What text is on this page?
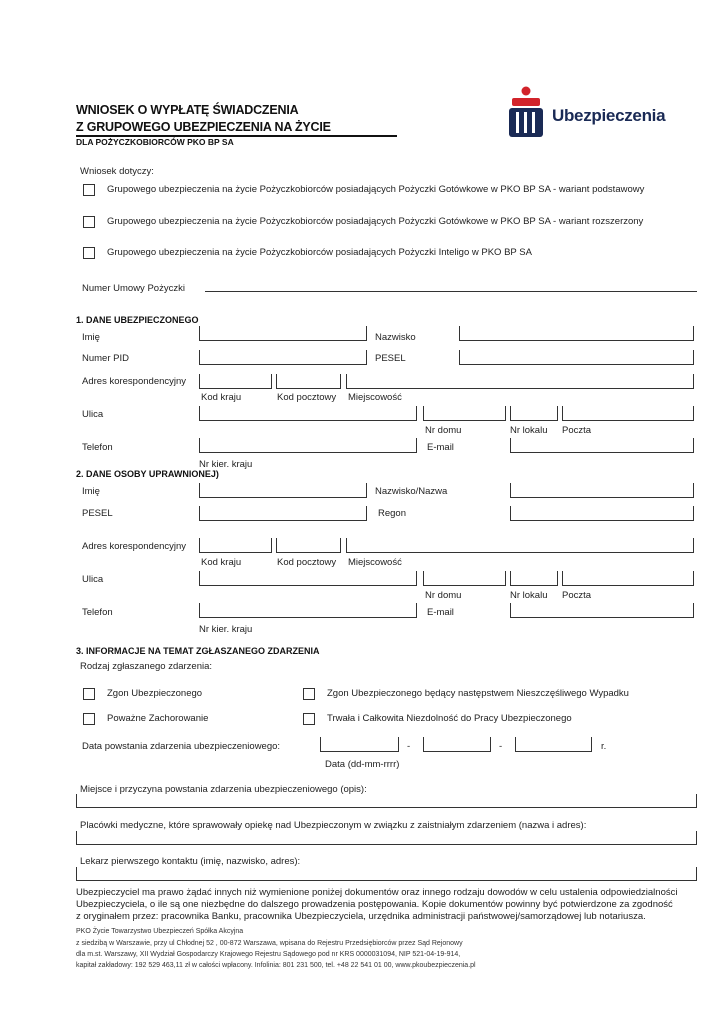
WNIOSEK O WYPŁATĘ ŚWIADCZENIA
Z GRUPOWEGO UBEZPIECZENIA NA ŻYCIE
DLA POŻYCZKOBIORCÓW PKO BP SA
Ubezpieczenia
Wniosek dotyczy:
Grupowego ubezpieczenia na życie Pożyczkobiorców posiadających Pożyczki Gotówkowe w PKO BP SA - wariant podstawowy
Grupowego ubezpieczenia na życie Pożyczkobiorców posiadających Pożyczki Gotówkowe w PKO BP SA - wariant rozszerzony
Grupowego ubezpieczenia na życie Pożyczkobiorców posiadających Pożyczki Inteligo w PKO BP SA
Numer Umowy Pożyczki
1. DANE UBEZPIECZONEGO
Imię	Nazwisko
Numer PID	PESEL
Adres korespondencyjny
Kod kraju	Kod pocztowy Miejscowość
Ulica
Nr domu	Nr lokalu Poczta
Telefon	E-mail
Nr kier. kraju
2. DANE OSOBY UPRAWNIONEJ)
Imię	Nazwisko/Nazwa
PESEL	Regon
Adres korespondencyjny
Kod kraju	Kod pocztowy Miejscowość
Ulica
Nr domu	Nr lokalu Poczta
Telefon	E-mail
Nr kier. kraju
3. INFORMACJE NA TEMAT ZGŁASZANEGO ZDARZENIA
Rodzaj zgłaszanego zdarzenia:
Zgon Ubezpieczonego	Zgon Ubezpieczonego będący następstwem Nieszczęśliwego Wypadku
Poważne Zachorowanie	Trwała i Całkowita Niezdolność do Pracy Ubezpieczonego
Data powstania zdarzenia ubezpieczeniowego:	-	-	r.
Data (dd-mm-rrrr)
Miejsce i przyczyna powstania zdarzenia ubezpieczeniowego (opis):
Placówki medyczne, które sprawowały opiekę nad Ubezpieczonym w związku z zaistniałym zdarzeniem (nazwa i adres):
Lekarz pierwszego kontaktu (imię, nazwisko, adres):
Ubezpieczyciel ma prawo żądać innych niż wymienione poniżej dokumentów oraz innego rodzaju dowodów w celu ustalenia odpowiedzialności
Ubezpieczyciela, o ile są one niezbędne do dalszego prowadzenia postępowania. Kopie dokumentów powinny być potwierdzone za zgodność
z oryginałem przez: pracownika Banku, pracownika Ubezpieczyciela, urzędnika administracji państwowej/samorządowej lub notariusza.
PKO Życie Towarzystwo Ubezpieczeń Spółka Akcyjna
z siedzibą w Warszawie, przy ul Chłodnej 52 , 00-872 Warszawa, wpisana do Rejestru Przedsiębiorców przez Sąd Rejonowy
dla m.st. Warszawy, XII Wydział Gospodarczy Krajowego Rejestru Sądowego pod nr KRS 0000031094, NIP 521-04-19-914,
kapitał zakładowy: 192 529 463,11 zł w całości wpłacony. Infolinia: 801 231 500, tel. +48 22 541 01 00, www.pkoubezpieczenia.pl
